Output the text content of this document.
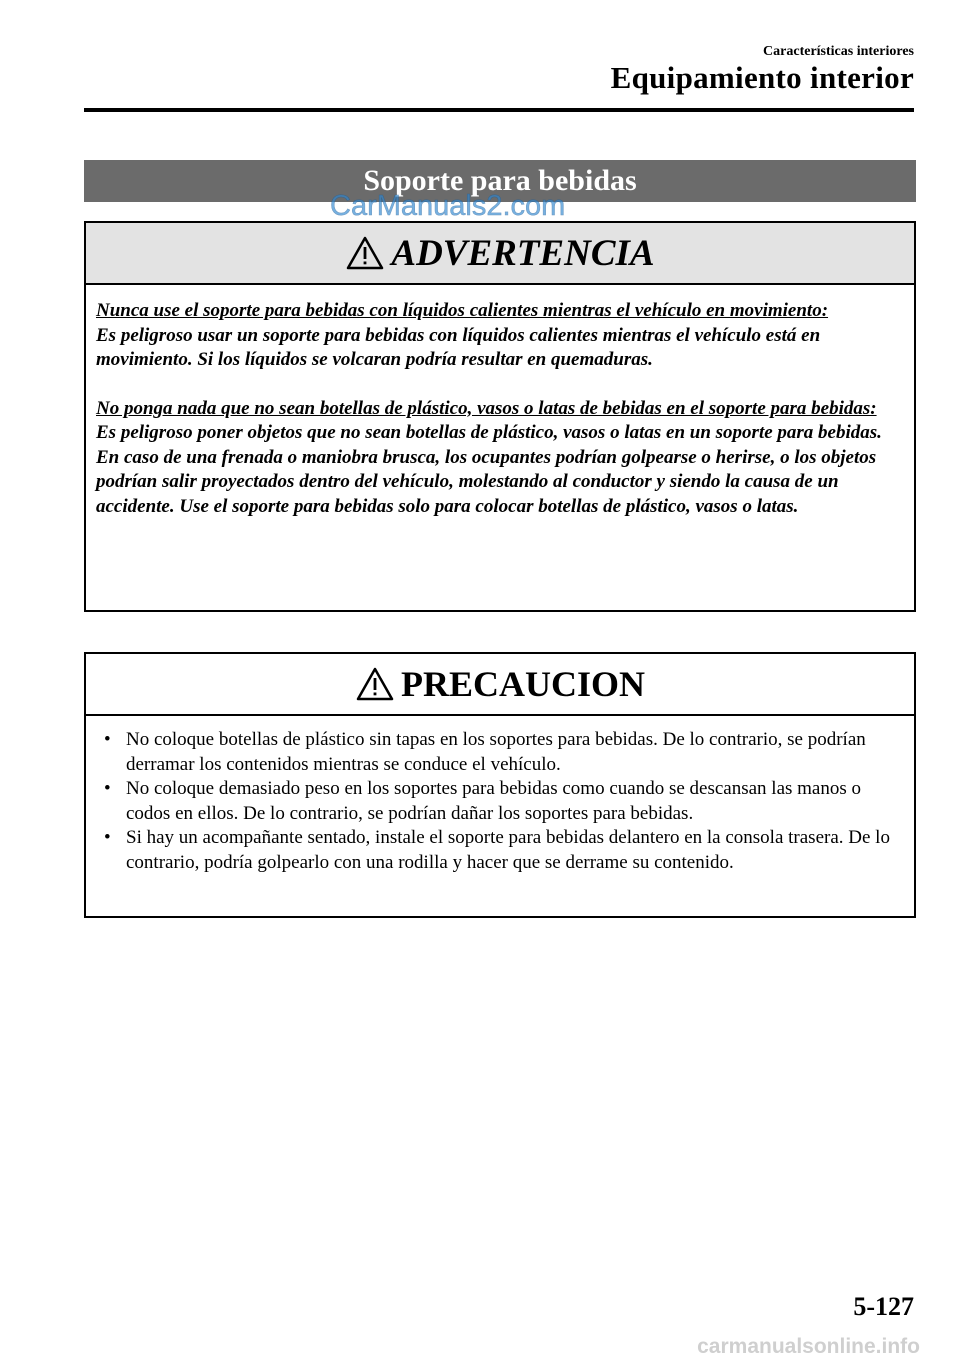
Características interiores
Equipamiento interior
Soporte para bebidas
CarManuals2.com
ADVERTENCIA

Nunca use el soporte para bebidas con líquidos calientes mientras el vehículo en movimiento:

Es peligroso usar un soporte para bebidas con líquidos calientes mientras el vehículo está en movimiento. Si los líquidos se volcaran podría resultar en quemaduras.

No ponga nada que no sean botellas de plástico, vasos o latas de bebidas en el soporte para bebidas:

Es peligroso poner objetos que no sean botellas de plástico, vasos o latas en un soporte para bebidas. En caso de una frenada o maniobra brusca, los ocupantes podrían golpearse o herirse, o los objetos podrían salir proyectados dentro del vehículo, molestando al conductor y siendo la causa de un accidente. Use el soporte para bebidas solo para colocar botellas de plástico, vasos o latas.

PRECAUCION
• No coloque botellas de plástico sin tapas en los soportes para bebidas. De lo contrario, se podrían derramar los contenidos mientras se conduce el vehículo.
• No coloque demasiado peso en los soportes para bebidas como cuando se descansan las manos o codos en ellos. De lo contrario, se podrían dañar los soportes para bebidas.
• Si hay un acompañante sentado, instale el soporte para bebidas delantero en la consola trasera. De lo contrario, podría golpearlo con una rodilla y hacer que se derrame su contenido.
5-127
carmanualsonline.info
